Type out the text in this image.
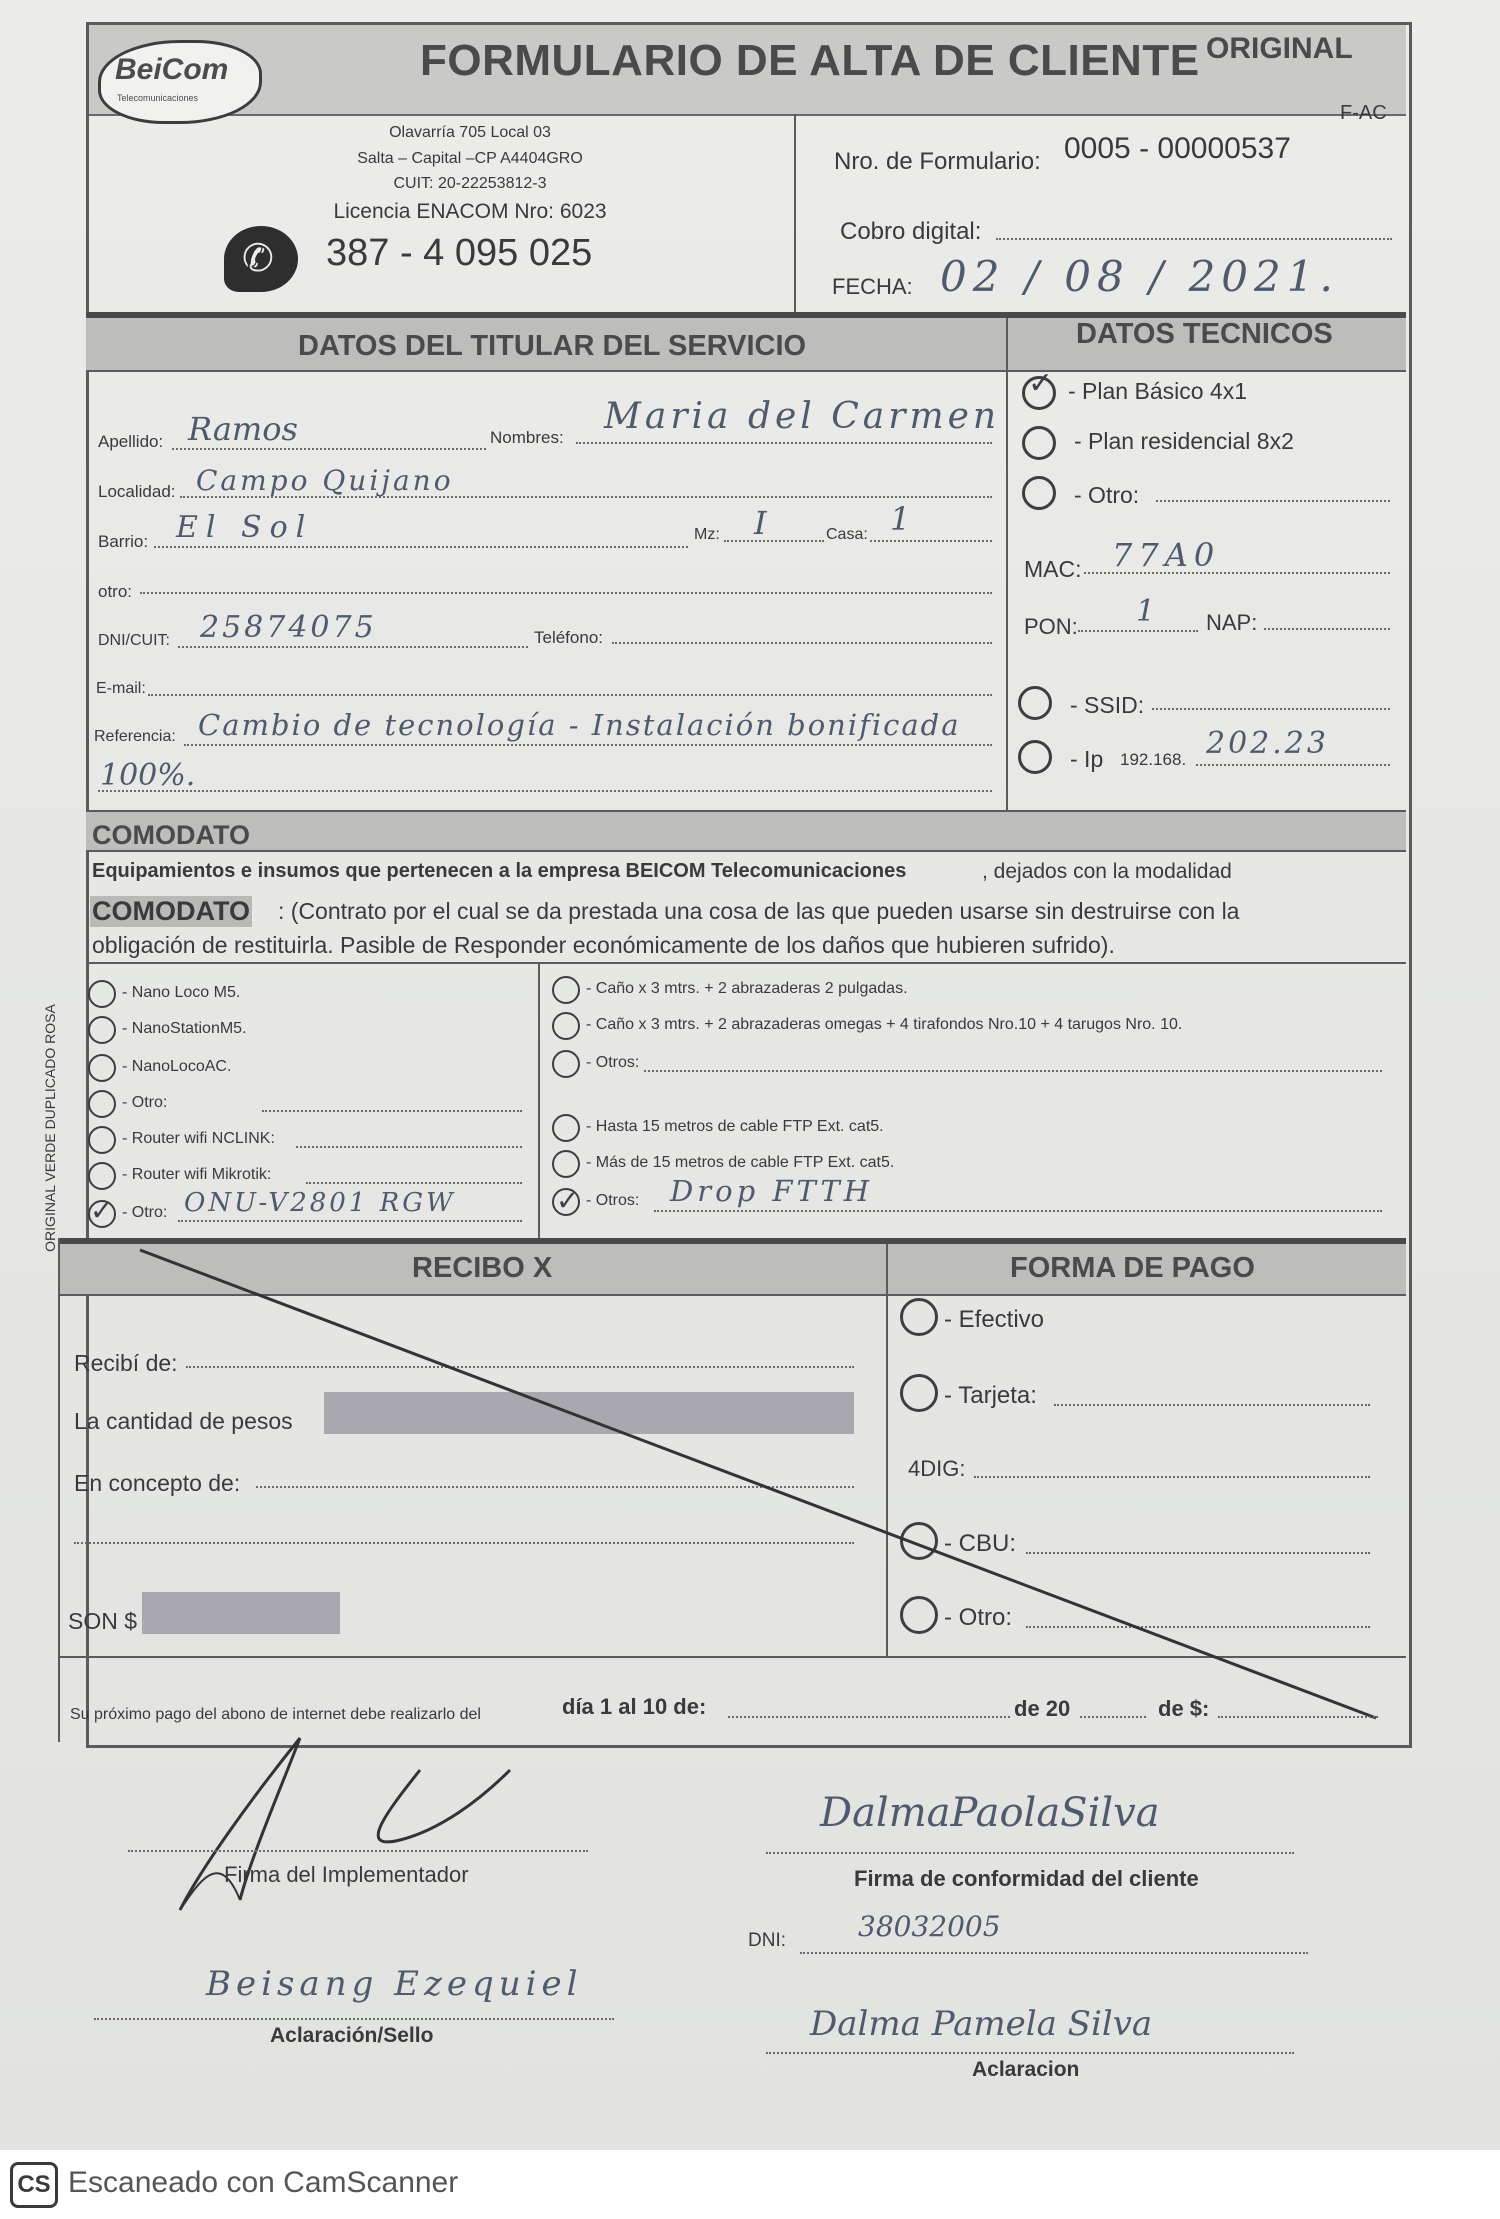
BeiCom
Telecomunicaciones
FORMULARIO DE ALTA DE CLIENTE ORIGINAL
F-AC
Olavarría 705 Local 03
Salta – Capital –CP A4404GRO
CUIT: 20-22253812-3
Licencia ENACOM Nro: 6023
✆ 387 - 4 095 025
Nro. de Formulario: 0005 - 00000537
Cobro digital:
FECHA: 02 / 08 / 2021.
DATOS DEL TITULAR DEL SERVICIO	DATOS TECNICOS
Apellido: Ramos	Nombres:
Maria del Carmen
Localidad: Campo Quijano
Barrio: El Sol	Mz: I	Casa: 1
otro:
DNI/CUIT: 25874075	Teléfono:
E-mail:
Referencia: Cambio de tecnología - Instalación bonificada
100%.
✓ - Plan Básico 4x1
- Plan residencial 8x2
- Otro:
MAC: 77A0
PON: 1 NAP:
- SSID:
- Ip 192.168. 202.23
COMODATO
Equipamientos e insumos que pertenecen a la empresa BEICOM Telecomunicaciones	, dejados con la modalidad
COMODATO : (Contrato por el cual se da prestada una cosa de las que pueden usarse sin destruirse con la
obligación de restituirla. Pasible de Responder económicamente de los daños que hubieren sufrido).
- Nano Loco M5.
- NanoStationM5.
- NanoLocoAC.
- Otro:
- Router wifi NCLINK:
- Router wifi Mikrotik:
- Otro:
✓	ONU-V2801 RGW
- Caño x 3 mtrs. + 2 abrazaderas 2 pulgadas.
- Caño x 3 mtrs. + 2 abrazaderas omegas + 4 tirafondos Nro.10 + 4 tarugos Nro. 10.
- Otros:
- Hasta 15 metros de cable FTP Ext. cat5.
- Más de 15 metros de cable FTP Ext. cat5.
- Otros:
✓	Drop FTTH
RECIBO X	FORMA DE PAGO
Recibí de:
La cantidad de pesos
En concepto de:
SON $
- Efectivo
- Tarjeta:
4DIG:
- CBU:
- Otro:
Su próximo pago del abono de internet debe realizarlo del	día 1 al 10 de:	de 20	de $:
ORIGINAL VERDE DUPLICADO ROSA
Firma del Implementador
Beisang Ezequiel
Aclaración/Sello
DalmaPaolaSilva
Firma de conformidad del cliente
DNI:	38032005
Dalma Pamela Silva
Aclaracion
CS Escaneado con CamScanner
